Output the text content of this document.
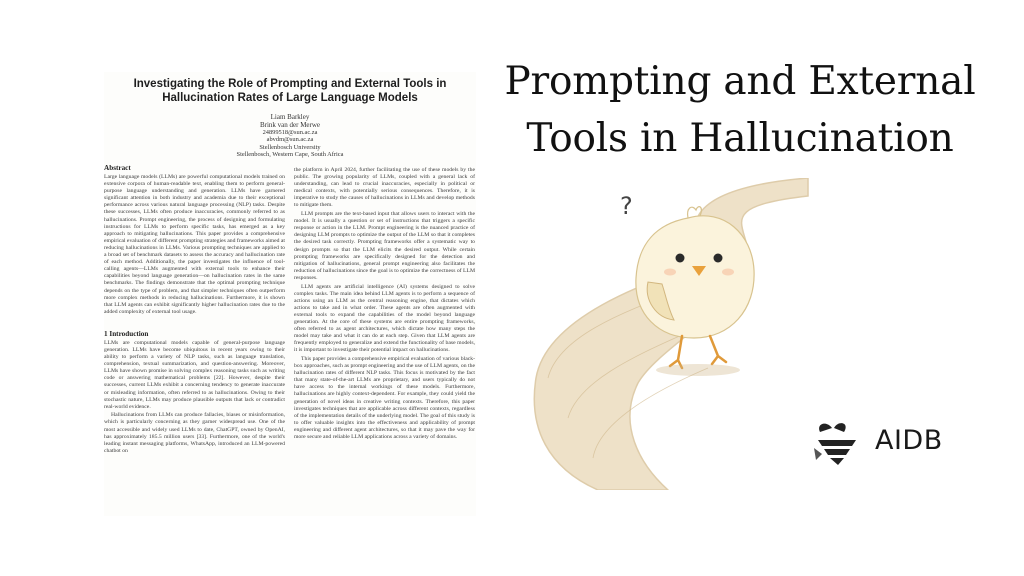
Investigating the Role of Prompting and External Tools in
Hallucination Rates of Large Language Models
Liam Barkley
Brink van der Merwe
24899518@sun.ac.za
abvdm@sun.ac.za
Stellenbosch University
Stellenbosch, Western Cape, South Africa
Abstract

Large language models (LLMs) are powerful computational models trained on extensive corpora of human-readable text, enabling them to perform general-purpose language understanding and generation. LLMs have garnered significant attention in both industry and academia due to their exceptional performance across various natural language processing (NLP) tasks. Despite these successes, LLMs often produce inaccuracies, commonly referred to as hallucinations. Prompt engineering, the process of designing and formulating instructions for LLMs to perform specific tasks, has emerged as a key approach to mitigating hallucinations. This paper provides a comprehensive empirical evaluation of different prompting strategies and frameworks aimed at reducing hallucinations in LLMs. Various prompting techniques are applied to a broad set of benchmark datasets to assess the accuracy and hallucination rate of each method. Additionally, the paper investigates the influence of tool-calling agents—LLMs augmented with external tools to enhance their capabilities beyond language generation—on hallucination rates in the same benchmarks. The findings demonstrate that the optimal prompting technique depends on the type of problem, and that simpler techniques often outperform more complex methods in reducing hallucinations. Furthermore, it is shown that LLM agents can exhibit significantly higher hallucination rates due to the added complexity of external tool usage.

1 Introduction

LLMs are computational models capable of general-purpose language generation. LLMs have become ubiquitous in recent years owing to their ability to perform a variety of NLP tasks, such as language translation, comprehension, textual summarization, and question-answering. Moreover, LLMs have shown promise in solving complex reasoning tasks such as writing code or answering mathematical problems [22]. However, despite their successes, current LLMs exhibit a concerning tendency to generate inaccurate or misleading information, often referred to as hallucinations. Owing to their stochastic nature, LLMs may produce plausible outputs that lack or contradict real-world evidence.

Hallucinations from LLMs can produce fallacies, biases or misinformation, which is particularly concerning as they garner widespread use. One of the most accessible and widely used LLMs to date, ChatGPT, owned by OpenAI, has approximately 185.5 million users [33]. Furthermore, one of the world's leading instant messaging platforms, WhatsApp, introduced an LLM-powered chatbot on

the platform in April 2024, further facilitating the use of these models by the public. The growing popularity of LLMs, coupled with a general lack of understanding, can lead to crucial inaccuracies, especially in political or medical contexts, with potentially serious consequences. Therefore, it is imperative to study the causes of hallucinations in LLMs and develop methods to mitigate them.

LLM prompts are the text-based input that allows users to interact with the model. It is usually a question or set of instructions that triggers a specific response or action in the LLM. Prompt engineering is the nuanced practice of designing LLM prompts to optimize the output of the LLM so that it completes the desired task correctly. Prompting frameworks offer a systematic way to design prompts so that the LLM elicits the desired output. While certain prompting frameworks are specifically designed for the detection and mitigation of hallucinations, general prompt engineering also facilitates the reduction of hallucinations since the goal is to optimize the correctness of LLM responses.

LLM agents are artificial intelligence (AI) systems designed to solve complex tasks. The main idea behind LLM agents is to perform a sequence of actions using an LLM as the central reasoning engine, that dictates which actions to take and in what order. These agents are often augmented with external tools to expand the capabilities of the model beyond language generation. At the core of these systems are entire prompting frameworks, often referred to as agent architectures, which dictate how many steps the model may take and what it can do at each step. Given that LLM agents are frequently employed to generalize and extend the functionality of base models, it is important to investigate their potential impact on hallucinations.

This paper provides a comprehensive empirical evaluation of various black-box approaches, such as prompt engineering and the use of LLM agents, on the hallucination rates of different NLP tasks. This focus is motivated by the fact that many state-of-the-art LLMs are proprietary, and users typically do not have access to the internal workings of these models. Furthermore, hallucinations are highly context-dependent. For example, they could yield the generation of novel ideas in creative writing contexts. Therefore, this paper investigates techniques that are applicable across different contexts, regardless of the implementation details of the underlying model. The goal of this study is to offer valuable insights into the effectiveness and applicability of prompt engineering and different agent architectures, so that it may pave the way for more secure and reliable LLM applications across a variety of domains.

Prompting and External
Tools in Hallucination
?
AIDB
